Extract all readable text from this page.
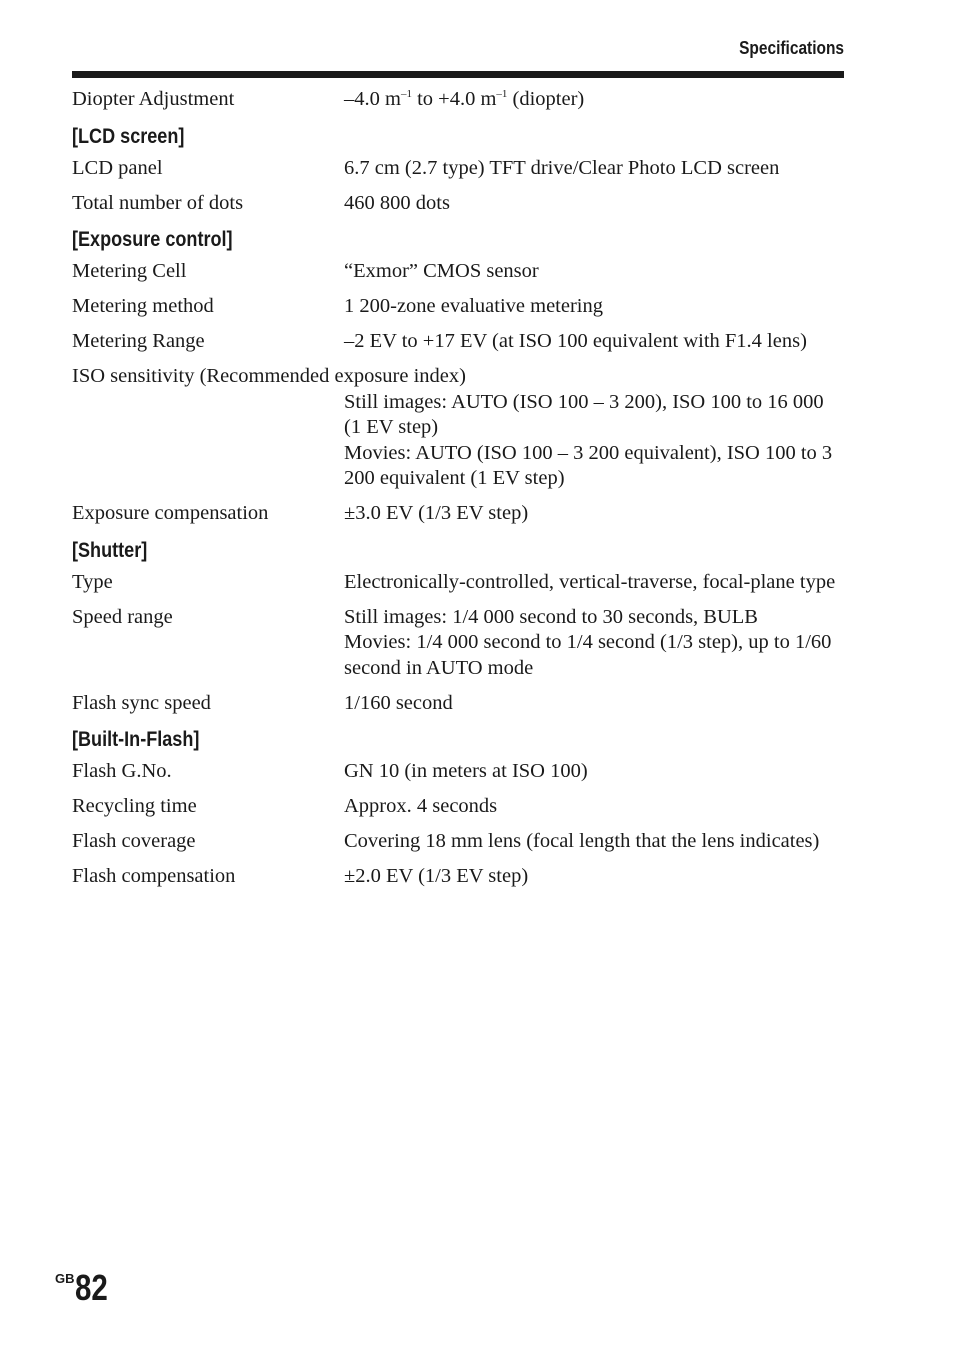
Specifications
Diopter Adjustment	–4.0 $m^{-1}$ to +4.0 $m^{-1}$ (diopter)
[LCD screen]
LCD panel	6.7 cm (2.7 type) TFT drive/Clear Photo LCD screen
Total number of dots	460 800 dots
[Exposure control]
Metering Cell	“Exmor” CMOS sensor
Metering method	1 200-zone evaluative metering
Metering Range	–2 EV to +17 EV (at ISO 100 equivalent with F1.4 lens)
ISO sensitivity (Recommended exposure index)
Still images: AUTO (ISO 100 – 3 200), ISO 100 to 16 000 (1 EV step)
Movies: AUTO (ISO 100 – 3 200 equivalent), ISO 100 to 3 200 equivalent (1 EV step)
Exposure compensation	±3.0 EV (1/3 EV step)
[Shutter]
Type	Electronically-controlled, vertical-traverse, focal-plane type
Speed range	Still images: 1/4 000 second to 30 seconds, BULB
Movies: 1/4 000 second to 1/4 second (1/3 step), up to 1/60 second in AUTO mode
Flash sync speed	1/160 second
[Built-In-Flash]
Flash G.No.	GN 10 (in meters at ISO 100)
Recycling time	Approx. 4 seconds
Flash coverage	Covering 18 mm lens (focal length that the lens indicates)
Flash compensation	±2.0 EV (1/3 EV step)
$^{GB}$82
